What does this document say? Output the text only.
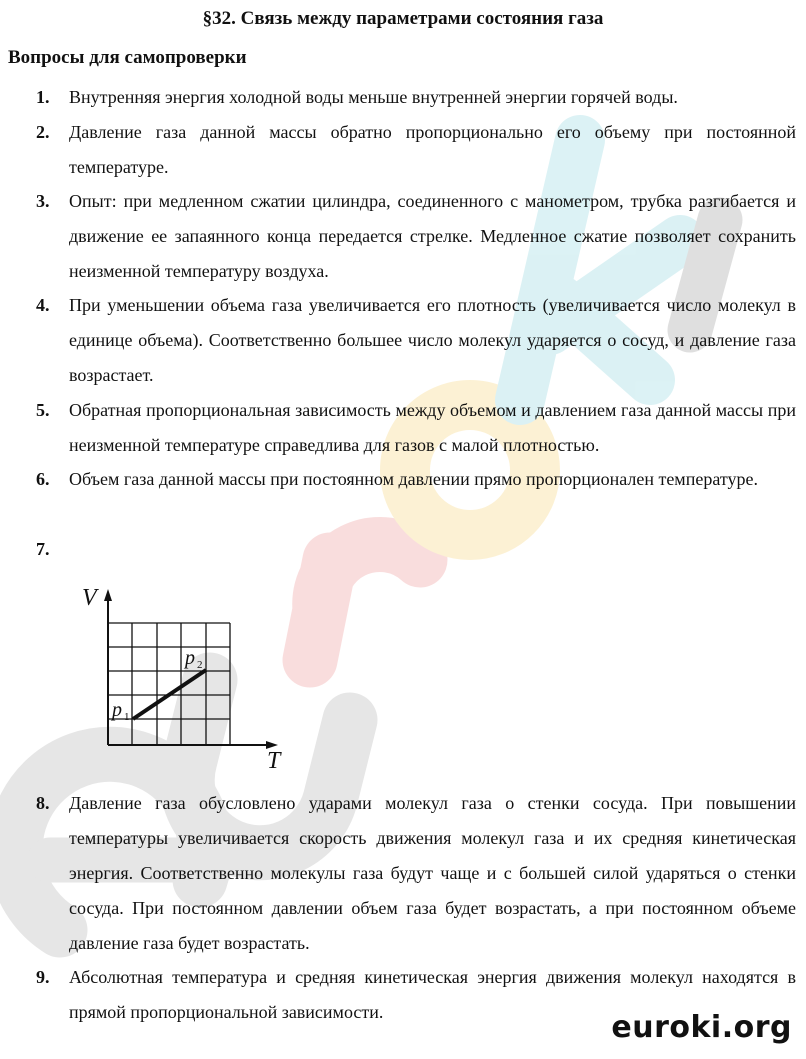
§32. Связь между параметрами состояния газа
Вопросы для самопроверки
1.	Внутренняя энергия холодной воды меньше внутренней энергии горячей воды.
2.	Давление газа данной массы обратно пропорционально его объему при постоянной температуре.
3.	Опыт: при медленном сжатии цилиндра, соединенного с манометром, трубка разгибается и движение ее запаянного конца передается стрелке. Медленное сжатие позволяет сохранить неизменной температуру воздуха.
4.	При уменьшении объема газа увеличивается его плотность (увеличивается число молекул в единице объема). Соответственно большее число молекул ударяется о сосуд, и давление газа возрастает.
5.	Обратная пропорциональная зависимость между объемом и давлением газа данной массы при неизменной температуре справедлива для газов с малой плотностью.
6.	Объем газа данной массы при постоянном давлении прямо пропорционален температуре.
7.
V
T
p 1
p 2
8.	Давление газа обусловлено ударами молекул газа о стенки сосуда. При повышении температуры увеличивается скорость движения молекул газа и их средняя кинетическая энергия. Соответственно молекулы газа будут чаще и с большей силой ударяться о стенки сосуда. При постоянном давлении объем газа будет возрастать, а при постоянном объеме давление газа будет возрастать.
9.	Абсолютная температура и средняя кинетическая энергия движения молекул находятся в прямой пропорциональной зависимости.	euroki.org
